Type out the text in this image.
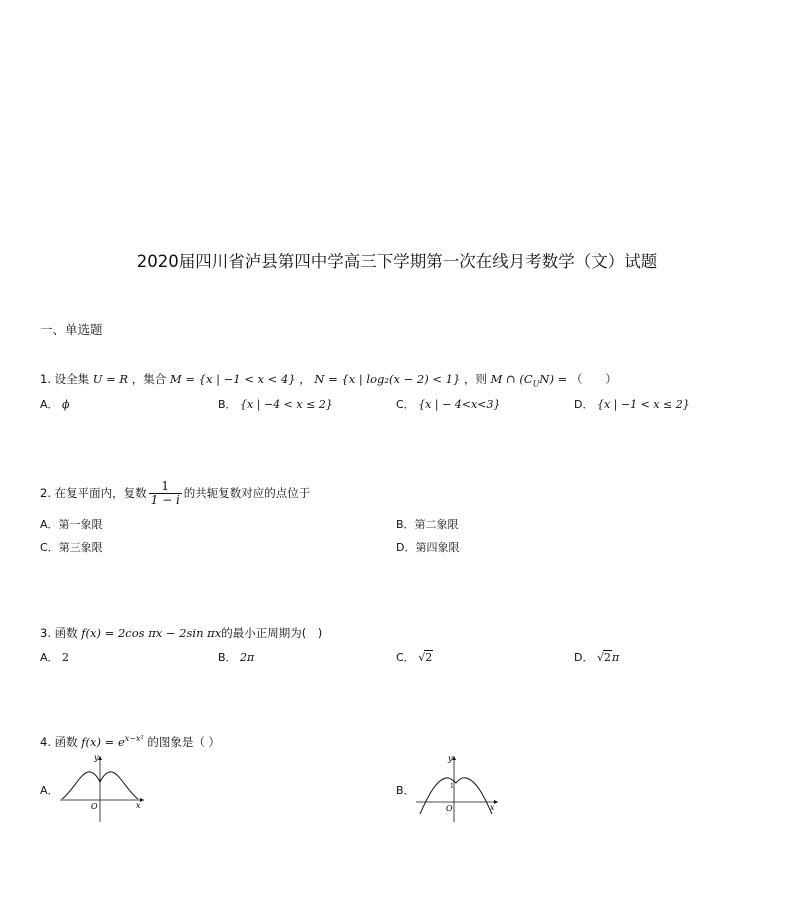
2020届四川省泸县第四中学高三下学期第一次在线月考数学（文）试题
一、单选题
1. 设全集 U = R ，集合 M = {x | −1 < x < 4} ， N = {x | log₂(x − 2) < 1} ，则 M ∩ $(C_UN)$ = （　　）
A． ϕ	B． {x | −4 < x ≤ 2}	C． {x | − 4<x<3}	D． {x | −1 < x ≤ 2}
2. 在复平面内，复数 $\frac{1}{1 - i}$ 的共轭复数对应的点位于
A．第一象限	B．第二象限
C．第三象限	D．第四象限
3. 函数 f(x) = 2cos πx − 2sin πx的最小正周期为(　)
A． 2	B． 2π	C． √2	D． √2π
4. 函数 $f(x) = e^{x-x^2}$ 的图象是（ ）
A．
y
x
O
B．
y
x
O
1
